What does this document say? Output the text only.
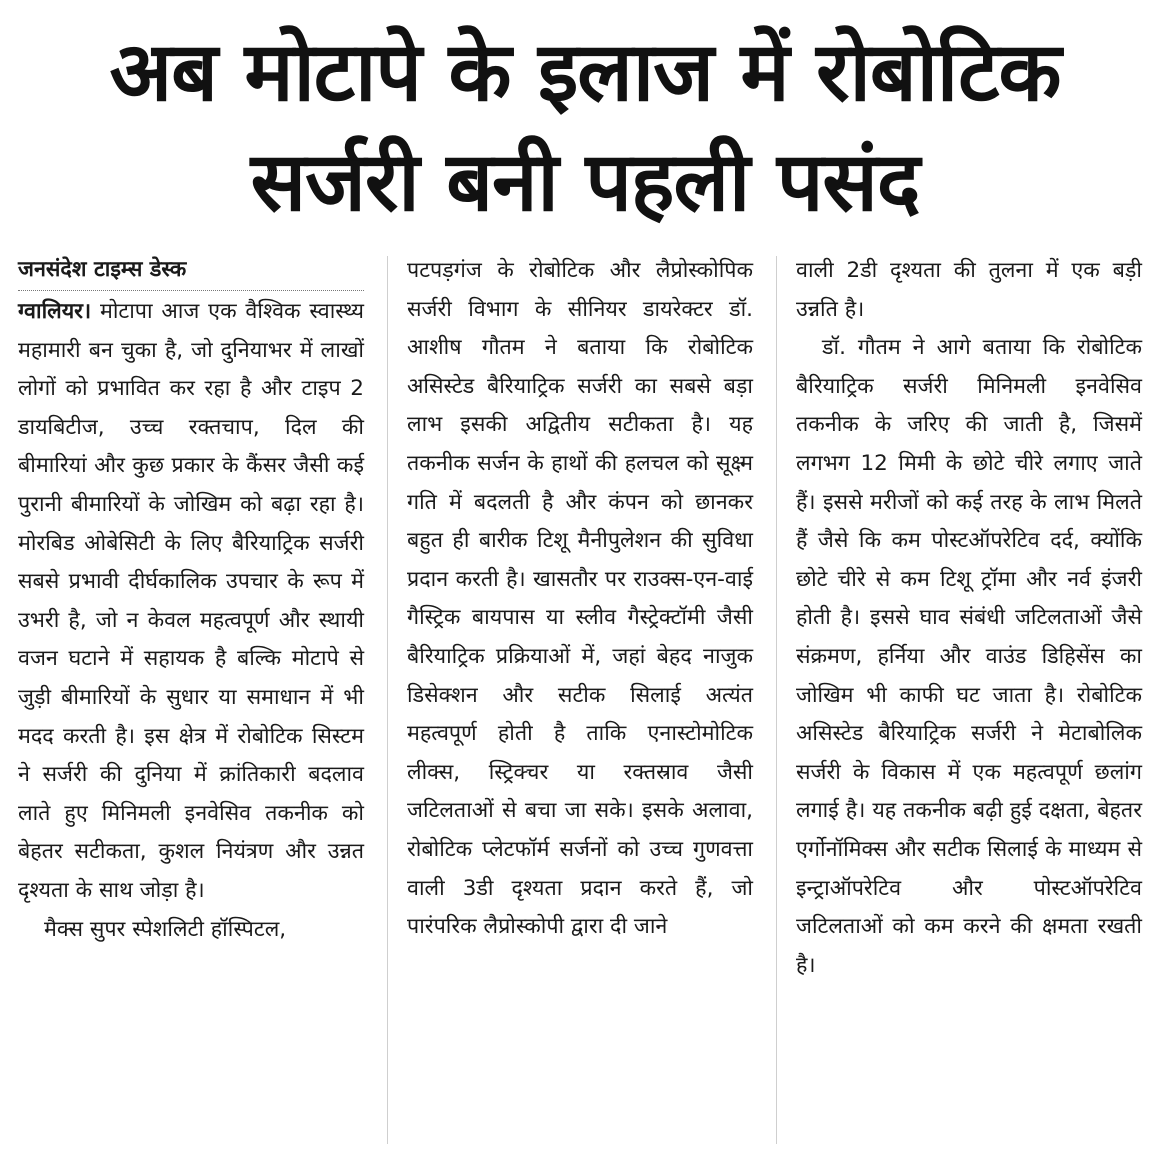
अब मोटापे के इलाज में रोबोटिक
सर्जरी बनी पहली पसंद
जनसंदेश टाइम्स डेस्क

ग्वालियर। मोटापा आज एक वैश्विक स्वास्थ्य महामारी बन चुका है, जो दुनियाभर में लाखों लोगों को प्रभावित कर रहा है और टाइप 2 डायबिटीज, उच्च रक्तचाप, दिल की बीमारियां और कुछ प्रकार के कैंसर जैसी कई पुरानी बीमारियों के जोखिम को बढ़ा रहा है। मोरबिड ओबेसिटी के लिए बैरियाट्रिक सर्जरी सबसे प्रभावी दीर्घकालिक उपचार के रूप में उभरी है, जो न केवल महत्वपूर्ण और स्थायी वजन घटाने में सहायक है बल्कि मोटापे से जुड़ी बीमारियों के सुधार या समाधान में भी मदद करती है। इस क्षेत्र में रोबोटिक सिस्टम ने सर्जरी की दुनिया में क्रांतिकारी बदलाव लाते हुए मिनिमली इनवेसिव तकनीक को बेहतर सटीकता, कुशल नियंत्रण और उन्नत दृश्यता के साथ जोड़ा है।

मैक्स सुपर स्पेशलिटी हॉस्पिटल,

पटपड़गंज के रोबोटिक और लैप्रोस्कोपिक सर्जरी विभाग के सीनियर डायरेक्टर डॉ. आशीष गौतम ने बताया कि रोबोटिक असिस्टेड बैरियाट्रिक सर्जरी का सबसे बड़ा लाभ इसकी अद्वितीय सटीकता है। यह तकनीक सर्जन के हाथों की हलचल को सूक्ष्म गति में बदलती है और कंपन को छानकर बहुत ही बारीक टिशू मैनीपुलेशन की सुविधा प्रदान करती है। खासतौर पर राउक्स-एन-वाई गैस्ट्रिक बायपास या स्लीव गैस्ट्रेक्टॉमी जैसी बैरियाट्रिक प्रक्रियाओं में, जहां बेहद नाजुक डिसेक्शन और सटीक सिलाई अत्यंत महत्वपूर्ण होती है ताकि एनास्टोमोटिक लीक्स, स्ट्रिक्चर या रक्तस्राव जैसी जटिलताओं से बचा जा सके। इसके अलावा, रोबोटिक प्लेटफॉर्म सर्जनों को उच्च गुणवत्ता वाली 3डी दृश्यता प्रदान करते हैं, जो पारंपरिक लैप्रोस्कोपी द्वारा दी जाने

वाली 2डी दृश्यता की तुलना में एक बड़ी उन्नति है।

डॉ. गौतम ने आगे बताया कि रोबोटिक बैरियाट्रिक सर्जरी मिनिमली इनवेसिव तकनीक के जरिए की जाती है, जिसमें लगभग 12 मिमी के छोटे चीरे लगाए जाते हैं। इससे मरीजों को कई तरह के लाभ मिलते हैं जैसे कि कम पोस्टऑपरेटिव दर्द, क्योंकि छोटे चीरे से कम टिशू ट्रॉमा और नर्व इंजरी होती है। इससे घाव संबंधी जटिलताओं जैसे संक्रमण, हर्निया और वाउंड डिहिसेंस का जोखिम भी काफी घट जाता है। रोबोटिक असिस्टेड बैरियाट्रिक सर्जरी ने मेटाबोलिक सर्जरी के विकास में एक महत्वपूर्ण छलांग लगाई है। यह तकनीक बढ़ी हुई दक्षता, बेहतर एर्गोनॉमिक्स और सटीक सिलाई के माध्यम से इन्ट्राऑपरेटिव और पोस्टऑपरेटिव जटिलताओं को कम करने की क्षमता रखती है।
